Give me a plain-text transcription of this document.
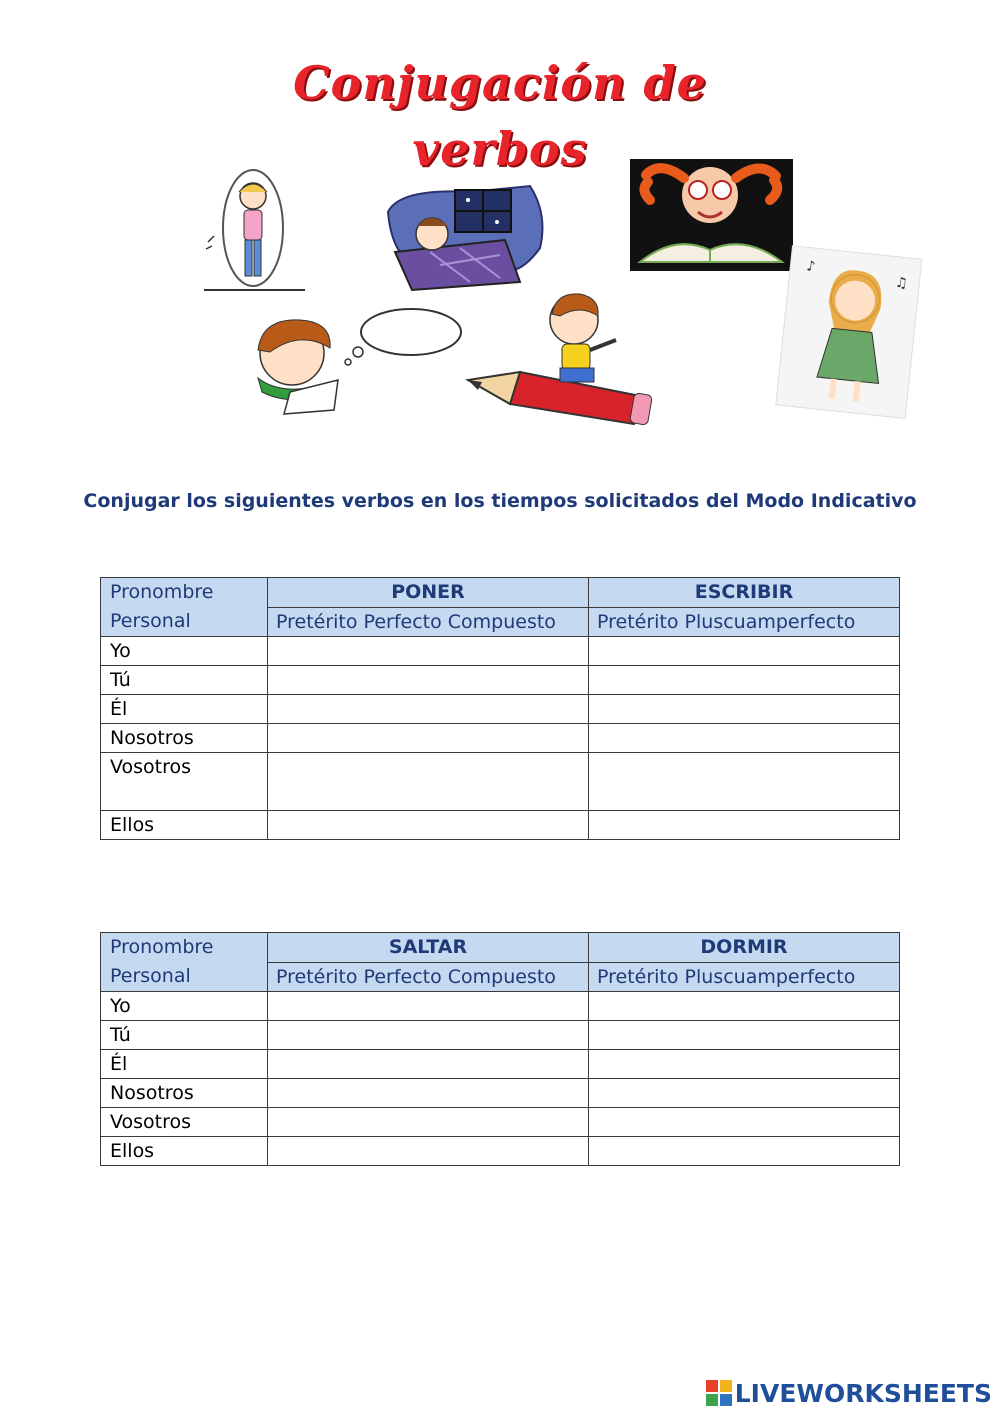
Conjugación de
verbos
♪
♫
Conjugar los siguientes verbos en los tiempos solicitados del Modo Indicativo
Pronombre
Personal	PONER	ESCRIBIR
	Pretérito Perfecto Compuesto	Pretérito Pluscuamperfecto
Yo		
Tú		
Él		
Nosotros		
Vosotros		
Ellos		
Pronombre
Personal	SALTAR	DORMIR
	Pretérito Perfecto Compuesto	Pretérito Pluscuamperfecto
Yo		
Tú		
Él		
Nosotros		
Vosotros		
Ellos		
LIVEWORKSHEETS
